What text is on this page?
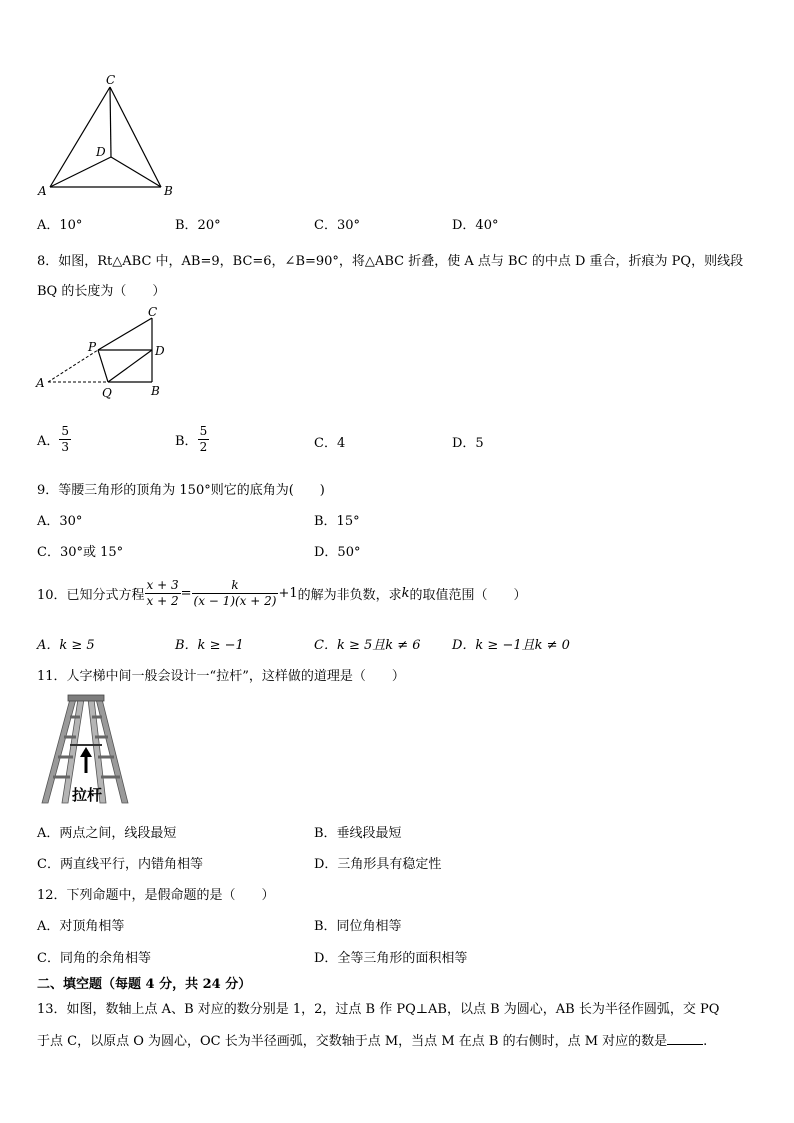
C
D
A	B
A．10°	B．20°	C．30°	D．40°
8．如图，Rt△ABC 中，AB=9，BC=6，∠B=90°，将△ABC 折叠，使 A 点与 BC 的中点 D 重合，折痕为 PQ，则线段
BQ 的长度为（　　）
C
P	D
A
Q	B
A． $\frac{5}{3}$	B． $\frac{5}{2}$	C．4	D．5
9．等腰三角形的顶角为 150°则它的底角为(　　)
A．30°	B．15°
C．30°或 15°	D．50°
10．已知分式方程 $\frac{x + 3}{x + 2} = \frac{k}{(x - 1)(x + 2)} +1$的解为非负数，求k的取值范围（　　）
A．k ≥ 5	B．k ≥ −1	C．k ≥ 5且k ≠ 6 D．k ≥ −1且k ≠ 0
11．人字梯中间一般会设计一“拉杆”，这样做的道理是（　　）
拉杆
A．两点之间，线段最短	B．垂线段最短
C．两直线平行，内错角相等	D．三角形具有稳定性
12．下列命题中，是假命题的是（　　）
A．对顶角相等	B．同位角相等
C．同角的余角相等	D．全等三角形的面积相等
二、填空题（每题 4 分，共 24 分）
13．如图，数轴上点 A、B 对应的数分别是 1，2，过点 B 作 PQ⊥AB，以点 B 为圆心，AB 长为半径作圆弧，交 PQ
于点 C，以原点 O 为圆心，OC 长为半径画弧，交数轴于点 M，当点 M 在点 B 的右侧时，点 M 对应的数是	.
